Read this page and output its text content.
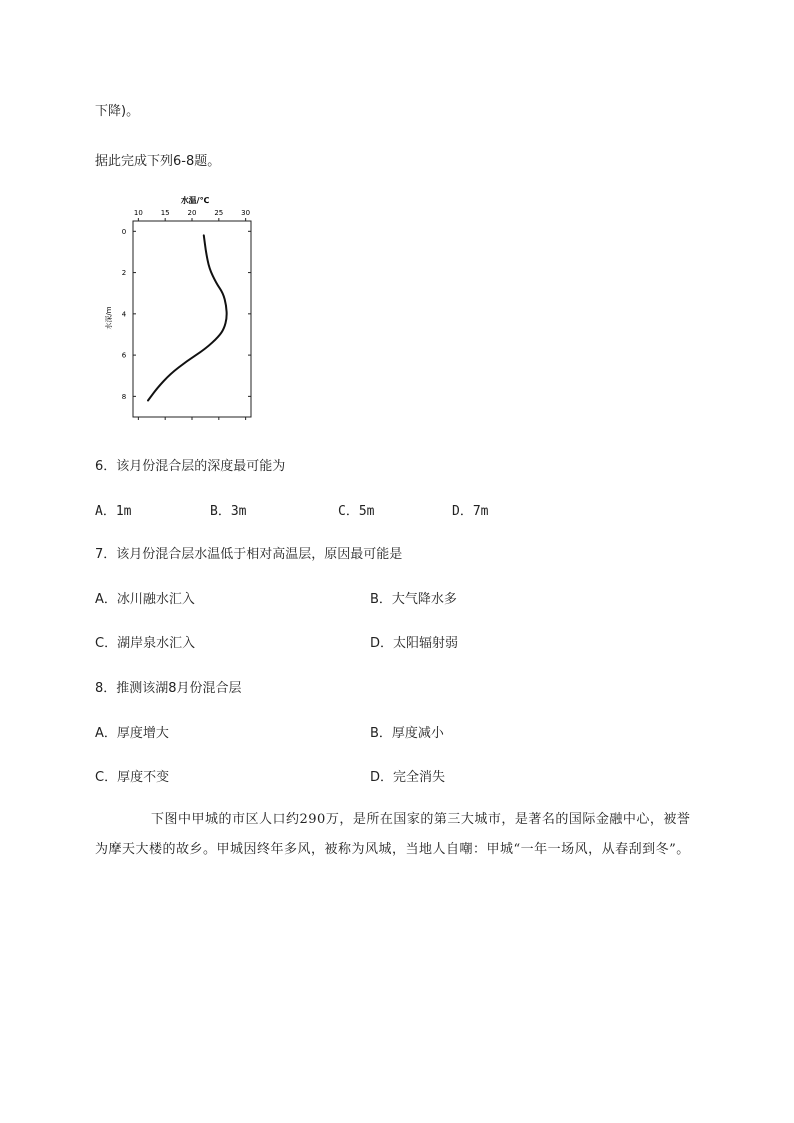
下降)。
据此完成下列6-8题。
水温/℃
水深/m
10	15	20	25	30
0
2
4
6
8
6．该月份混合层的深度最可能为
A．1m	B．3m	C．5m	D．7m
7．该月份混合层水温低于相对高温层，原因最可能是
A．冰川融水汇入	B．大气降水多
C．湖岸泉水汇入	D．太阳辐射弱
8．推测该湖8月份混合层
A．厚度增大	B．厚度减小
C．厚度不变	D．完全消失
下图中甲城的市区人口约290万，是所在国家的第三大城市，是著名的国际金融中心，被誉为摩天大楼的故乡。甲城因终年多风，被称为风城，当地人自嘲：甲城“一年一场风，从春刮到冬”。
